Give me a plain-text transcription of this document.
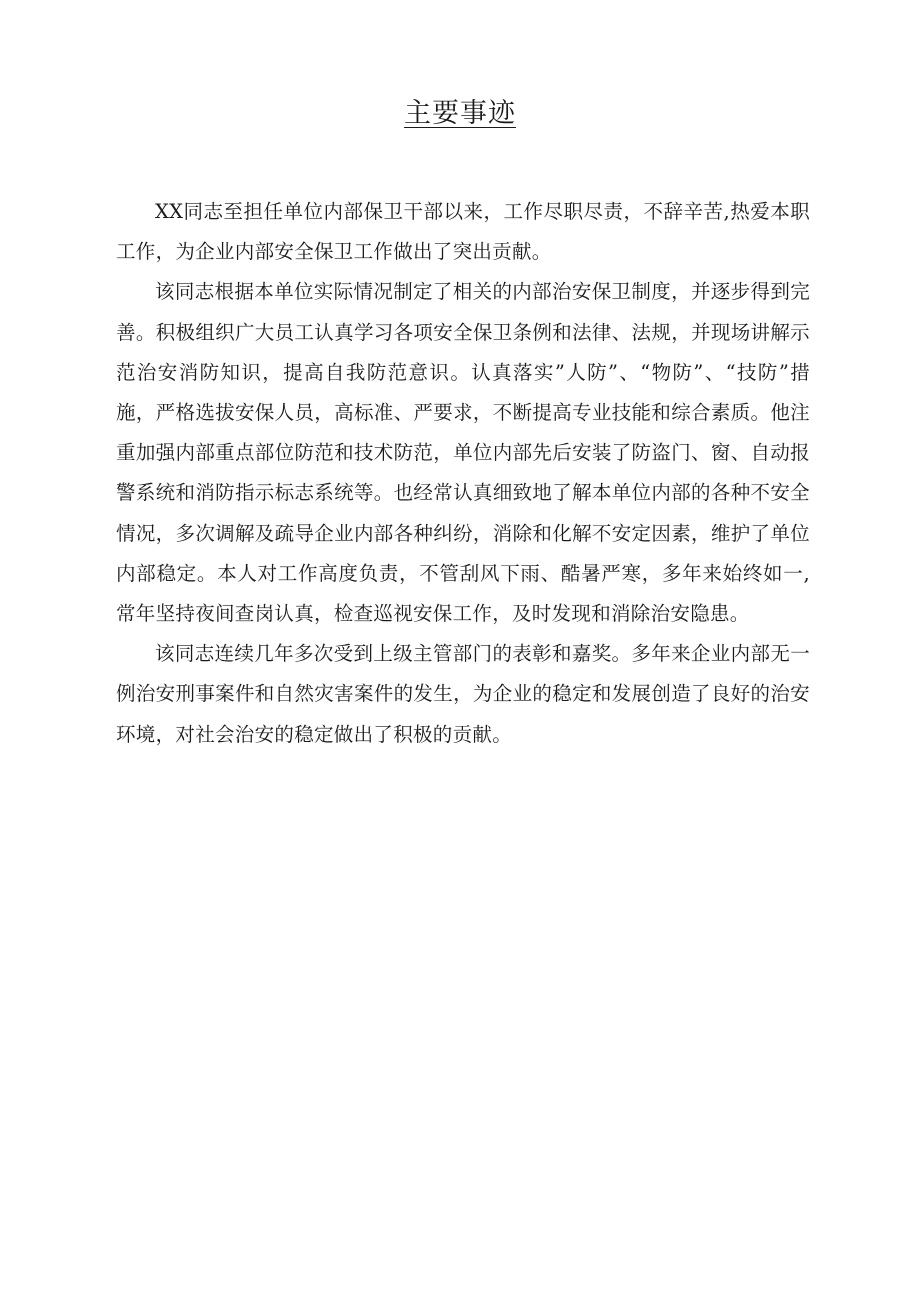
主要事迹

XX同志至担任单位内部保卫干部以来，工作尽职尽责，不辞辛苦,热爱本职工作，为企业内部安全保卫工作做出了突出贡献。

该同志根据本单位实际情况制定了相关的内部治安保卫制度，并逐步得到完善。积极组织广大员工认真学习各项安全保卫条例和法律、法规，并现场讲解示范治安消防知识，提高自我防范意识。认真落实”人防”、“物防”、“技防”措施，严格选拔安保人员，高标准、严要求，不断提高专业技能和综合素质。他注重加强内部重点部位防范和技术防范，单位内部先后安装了防盗门、窗、自动报警系统和消防指示标志系统等。也经常认真细致地了解本单位内部的各种不安全情况，多次调解及疏导企业内部各种纠纷，消除和化解不安定因素，维护了单位内部稳定。本人对工作高度负责，不管刮风下雨、酷暑严寒，多年来始终如一,常年坚持夜间查岗认真，检查巡视安保工作，及时发现和消除治安隐患。

该同志连续几年多次受到上级主管部门的表彰和嘉奖。多年来企业内部无一例治安刑事案件和自然灾害案件的发生，为企业的稳定和发展创造了良好的治安环境，对社会治安的稳定做出了积极的贡献。
